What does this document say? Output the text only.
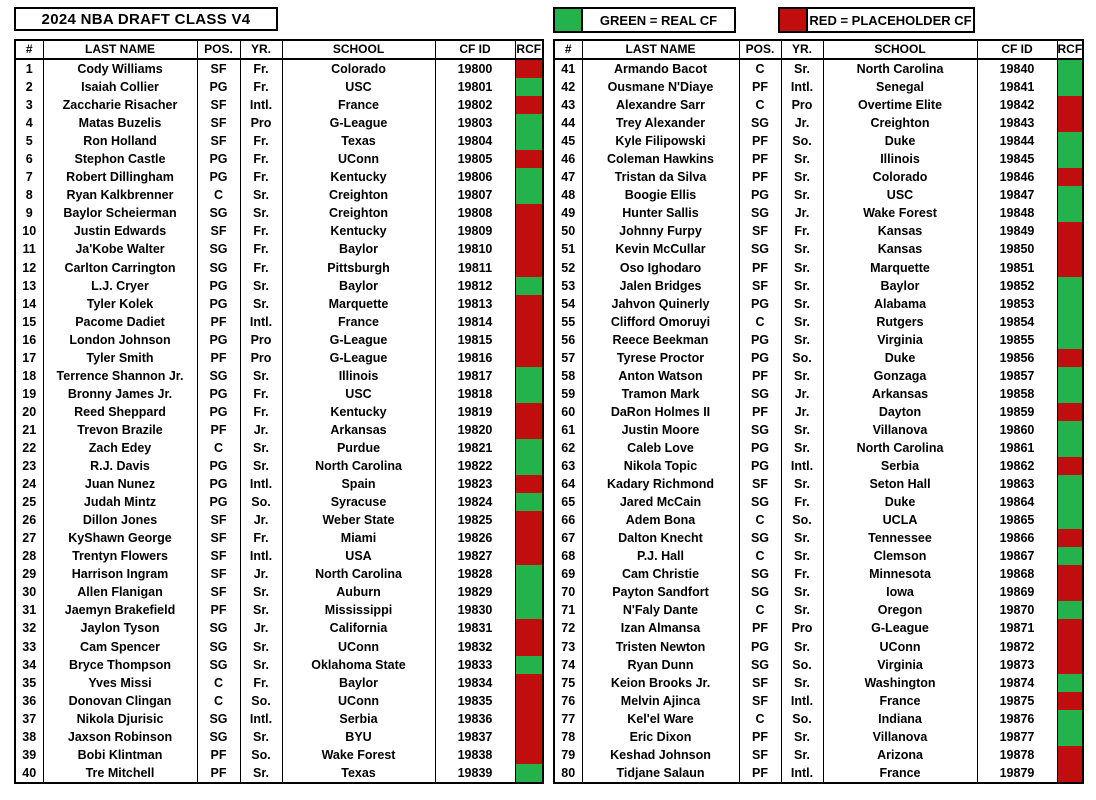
2024 NBA DRAFT CLASS V4	GREEN = REAL CF	RED = PLACEHOLDER CF
#	LAST NAME	POS.	YR.	SCHOOL	CF ID	RCF
1	Cody Williams	SF	Fr.	Colorado	19800	
2	Isaiah Collier	PG	Fr.	USC	19801	
3	Zaccharie Risacher	SF	Intl.	France	19802	
4	Matas Buzelis	SF	Pro	G-League	19803	
5	Ron Holland	SF	Fr.	Texas	19804	
6	Stephon Castle	PG	Fr.	UConn	19805	
7	Robert Dillingham	PG	Fr.	Kentucky	19806	
8	Ryan Kalkbrenner	C	Sr.	Creighton	19807	
9	Baylor Scheierman	SG	Sr.	Creighton	19808	
10	Justin Edwards	SF	Fr.	Kentucky	19809	
11	Ja'Kobe Walter	SG	Fr.	Baylor	19810	
12	Carlton Carrington	SG	Fr.	Pittsburgh	19811	
13	L.J. Cryer	PG	Sr.	Baylor	19812	
14	Tyler Kolek	PG	Sr.	Marquette	19813	
15	Pacome Dadiet	PF	Intl.	France	19814	
16	London Johnson	PG	Pro	G-League	19815	
17	Tyler Smith	PF	Pro	G-League	19816	
18	Terrence Shannon Jr.	SG	Sr.	Illinois	19817	
19	Bronny James Jr.	PG	Fr.	USC	19818	
20	Reed Sheppard	PG	Fr.	Kentucky	19819	
21	Trevon Brazile	PF	Jr.	Arkansas	19820	
22	Zach Edey	C	Sr.	Purdue	19821	
23	R.J. Davis	PG	Sr.	North Carolina	19822	
24	Juan Nunez	PG	Intl.	Spain	19823	
25	Judah Mintz	PG	So.	Syracuse	19824	
26	Dillon Jones	SF	Jr.	Weber State	19825	
27	KyShawn George	SF	Fr.	Miami	19826	
28	Trentyn Flowers	SF	Intl.	USA	19827	
29	Harrison Ingram	SF	Jr.	North Carolina	19828	
30	Allen Flanigan	SF	Sr.	Auburn	19829	
31	Jaemyn Brakefield	PF	Sr.	Mississippi	19830	
32	Jaylon Tyson	SG	Jr.	California	19831	
33	Cam Spencer	SG	Sr.	UConn	19832	
34	Bryce Thompson	SG	Sr.	Oklahoma State	19833	
35	Yves Missi	C	Fr.	Baylor	19834	
36	Donovan Clingan	C	So.	UConn	19835	
37	Nikola Djurisic	SG	Intl.	Serbia	19836	
38	Jaxson Robinson	SG	Sr.	BYU	19837	
39	Bobi Klintman	PF	So.	Wake Forest	19838	
40	Tre Mitchell	PF	Sr.	Texas	19839	
#	LAST NAME	POS.	YR.	SCHOOL	CF ID	RCF
41	Armando Bacot	C	Sr.	North Carolina	19840	
42	Ousmane N'Diaye	PF	Intl.	Senegal	19841	
43	Alexandre Sarr	C	Pro	Overtime Elite	19842	
44	Trey Alexander	SG	Jr.	Creighton	19843	
45	Kyle Filipowski	PF	So.	Duke	19844	
46	Coleman Hawkins	PF	Sr.	Illinois	19845	
47	Tristan da Silva	PF	Sr.	Colorado	19846	
48	Boogie Ellis	PG	Sr.	USC	19847	
49	Hunter Sallis	SG	Jr.	Wake Forest	19848	
50	Johnny Furpy	SF	Fr.	Kansas	19849	
51	Kevin McCullar	SG	Sr.	Kansas	19850	
52	Oso Ighodaro	PF	Sr.	Marquette	19851	
53	Jalen Bridges	SF	Sr.	Baylor	19852	
54	Jahvon Quinerly	PG	Sr.	Alabama	19853	
55	Clifford Omoruyi	C	Sr.	Rutgers	19854	
56	Reece Beekman	PG	Sr.	Virginia	19855	
57	Tyrese Proctor	PG	So.	Duke	19856	
58	Anton Watson	PF	Sr.	Gonzaga	19857	
59	Tramon Mark	SG	Jr.	Arkansas	19858	
60	DaRon Holmes II	PF	Jr.	Dayton	19859	
61	Justin Moore	SG	Sr.	Villanova	19860	
62	Caleb Love	PG	Sr.	North Carolina	19861	
63	Nikola Topic	PG	Intl.	Serbia	19862	
64	Kadary Richmond	SF	Sr.	Seton Hall	19863	
65	Jared McCain	SG	Fr.	Duke	19864	
66	Adem Bona	C	So.	UCLA	19865	
67	Dalton Knecht	SG	Sr.	Tennessee	19866	
68	P.J. Hall	C	Sr.	Clemson	19867	
69	Cam Christie	SG	Fr.	Minnesota	19868	
70	Payton Sandfort	SG	Sr.	Iowa	19869	
71	N'Faly Dante	C	Sr.	Oregon	19870	
72	Izan Almansa	PF	Pro	G-League	19871	
73	Tristen Newton	PG	Sr.	UConn	19872	
74	Ryan Dunn	SG	So.	Virginia	19873	
75	Keion Brooks Jr.	SF	Sr.	Washington	19874	
76	Melvin Ajinca	SF	Intl.	France	19875	
77	Kel'el Ware	C	So.	Indiana	19876	
78	Eric Dixon	PF	Sr.	Villanova	19877	
79	Keshad Johnson	SF	Sr.	Arizona	19878	
80	Tidjane Salaun	PF	Intl.	France	19879	
